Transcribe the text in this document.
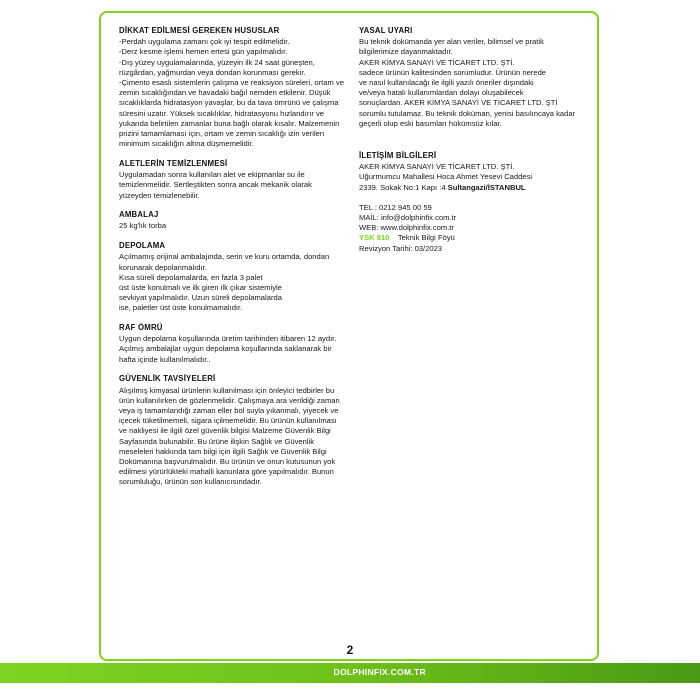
DİKKAT EDİLMESİ GEREKEN HUSUSLAR

-Perdah uygulama zamanı çok iyi tespit edilmelidir.
-Derz kesme işlemi hemen ertesi gün yapılmalıdır.
-Dış yüzey uygulamalarında, yüzeyin ilk 24 saat güneşten, rüzgârdan, yağmurdan veya dondan korunması gerekir.
-Çimento esaslı sistemlerin çalışma ve reaksiyon süreleri, ortam ve zemin sıcaklığından ve havadaki bağıl nemden etkilenir. Düşük sıcaklıklarda hidratasyon yavaşlar, bu da tava ömrünü ve çalışma süresini uzatır. Yüksek sıcaklıklar, hidratasyonu hızlandırır ve yukarıda belirtilen zamanlar buna bağlı olarak kısalır. Malzemenin prizini tamamlaması için, ortam ve zemin sıcaklığı izin verilen minimum sıcaklığın altına düşmemelidir.

ALETLERİN TEMİZLENMESİ

Uygulamadan sonra kullanılan alet ve ekipmanlar su ile temizlenmelidir. Sertleştikten sonra ancak mekanik olarak yüzeyden temizlenebilir.

AMBALAJ

25 kg'lık torba

DEPOLAMA

Açılmamış orijinal ambalajında, serin ve kuru ortamda, dondan korunarak depolanmalıdır.
Kısa süreli depolamalarda, en fazla 3 palet
üst üste konulmalı ve ilk giren ilk çıkar sistemiyle
sevkiyat yapılmalıdır. Uzun süreli depolamalarda
ise, paletler üst üste konulmamalıdır.

RAF ÖMRÜ

Uygun depolama koşullarında üretim tarihinden itibaren 12 aydır. Açılmış ambalajlar uygun depolama koşullarında saklanarak bir hafta içinde kullanılmalıdır..

GÜVENLİK TAVSİYELERİ

Alışılmış kimyasal ürünlerin kullanılması için önleyici tedbirler bu ürün kullanılırken de gözlenmelidir. Çalışmaya ara verildiği zaman veya iş tamamlandığı zaman eller bol suyla yıkanmalı, yiyecek ve içecek tüketilmemeli, sigara içilmemelidir. Bu ürünün kullanılması ve nakliyesi ile ilgili özel güvenlik bilgisi Malzeme Güvenlik Bilgi Sayfasında bulunabilir. Bu ürüne ilişkin Sağlık ve Güvenlik meseleleri hakkında tam bilgi için ilgili Sağlık ve Güvenlik Bilgi Dokümanına başvurulmalıdır. Bu ürünün ve onun kutusunun yok edilmesi yürürlükteki mahalli kanunlara göre yapılmalıdır. Bunun sorumluluğu, ürünün son kullanıcısındadır.

YASAL UYARI

Bu teknik dokümanda yer alan veriler, bilimsel ve pratik bilgilerimize dayanmaktadır.
AKER KİMYA SANAYİ VE TİCARET LTD. ŞTİ.
sadece ürünün kalitesinden sorumludur. Ürünün nerede
ve nasıl kullanılacağı ile ilgili yazılı öneriler dışındaki
ve/veya hatalı kullanımlardan dolayı oluşabilecek
sonuçlardan. AKER KİMYA SANAYİ VE TİCARET LTD. ŞTİ
sorumlu tutulamaz. Bu teknik doküman, yenisi basılıncaya kadar geçerli olup eski basımları hükümsüz kılar.

İLETİŞİM BİLGİLERİ
AKER KİMYA SANAYİ VE TİCARET LTD. ŞTİ.
Uğurmumcu Mahallesi Hoca Ahmet Yesevi Caddesi
2339. Sokak No:1 Kapı :4 Sultangazi/İSTANBUL
TEL : 0212 945 00 59
MAİL: info@dolphinfix.com.tr
WEB: www.dolphinfix.com.tr
YSK 810 Teknik Bilgi Föyü
Revizyon Tarihi: 03/2023
2
DOLPHINFIX.COM.TR
